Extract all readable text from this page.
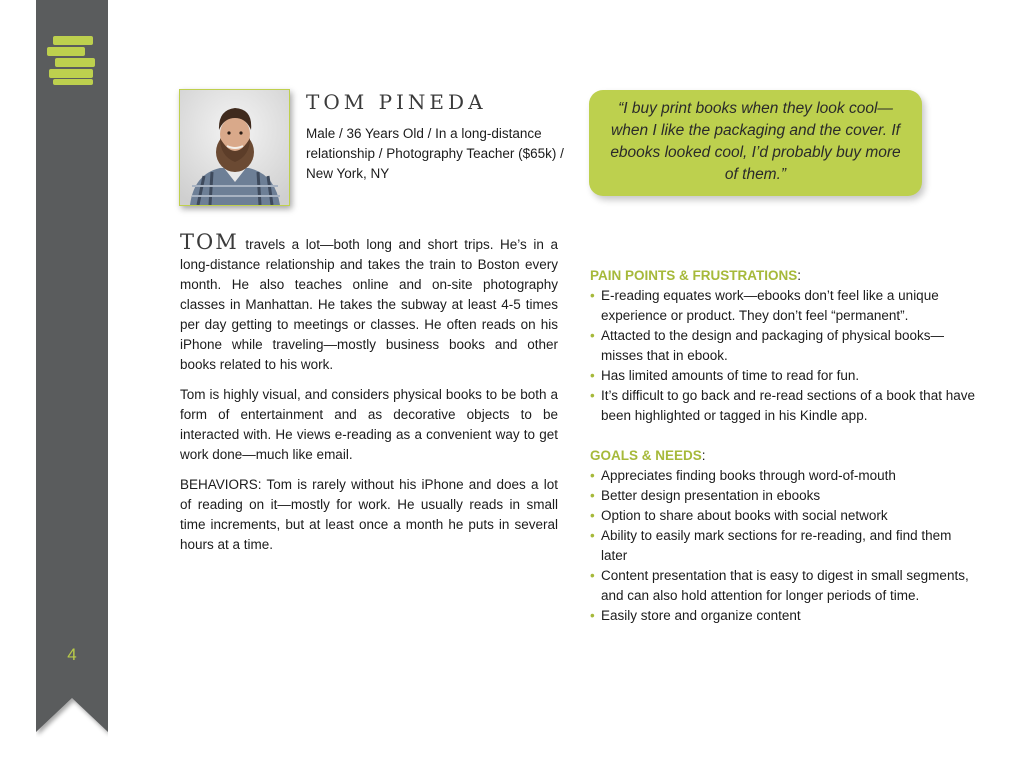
4
TOM PINEDA
Male / 36 Years Old / In a long-distance relationship / Photography Teacher ($65k) / New York, NY
“I buy print books when they look cool—when I like the packaging and the cover. If ebooks looked cool, I’d probably buy more of them.”

TOM travels a lot—both long and short trips. He’s in a long-distance relationship and takes the train to Boston every month. He also teaches online and on-site photography classes in Manhattan. He takes the subway at least 4-5 times per day getting to meetings or classes. He often reads on his iPhone while traveling—mostly business books and other books related to his work.

Tom is highly visual, and considers physical books to be both a form of entertainment and as decorative objects to be interacted with. He views e-reading as a convenient way to get work done—much like email.

BEHAVIORS: Tom is rarely without his iPhone and does a lot of reading on it—mostly for work. He usually reads in small time increments, but at least once a month he puts in several hours at a time.

PAIN POINTS & FRUSTRATIONS:

• E-reading equates work—ebooks don’t feel like a unique experience or product. They don’t feel “permanent”.
• Attacted to the design and packaging of physical books—misses that in ebook.
• Has limited amounts of time to read for fun.
• It’s difficult to go back and re-read sections of a book that have been highlighted or tagged in his Kindle app.

GOALS & NEEDS:

• Appreciates finding books through word-of-mouth
• Better design presentation in ebooks
• Option to share about books with social network
• Ability to easily mark sections for re-reading, and find them later
• Content presentation that is easy to digest in small segments, and can also hold attention for longer periods of time.
• Easily store and organize content
